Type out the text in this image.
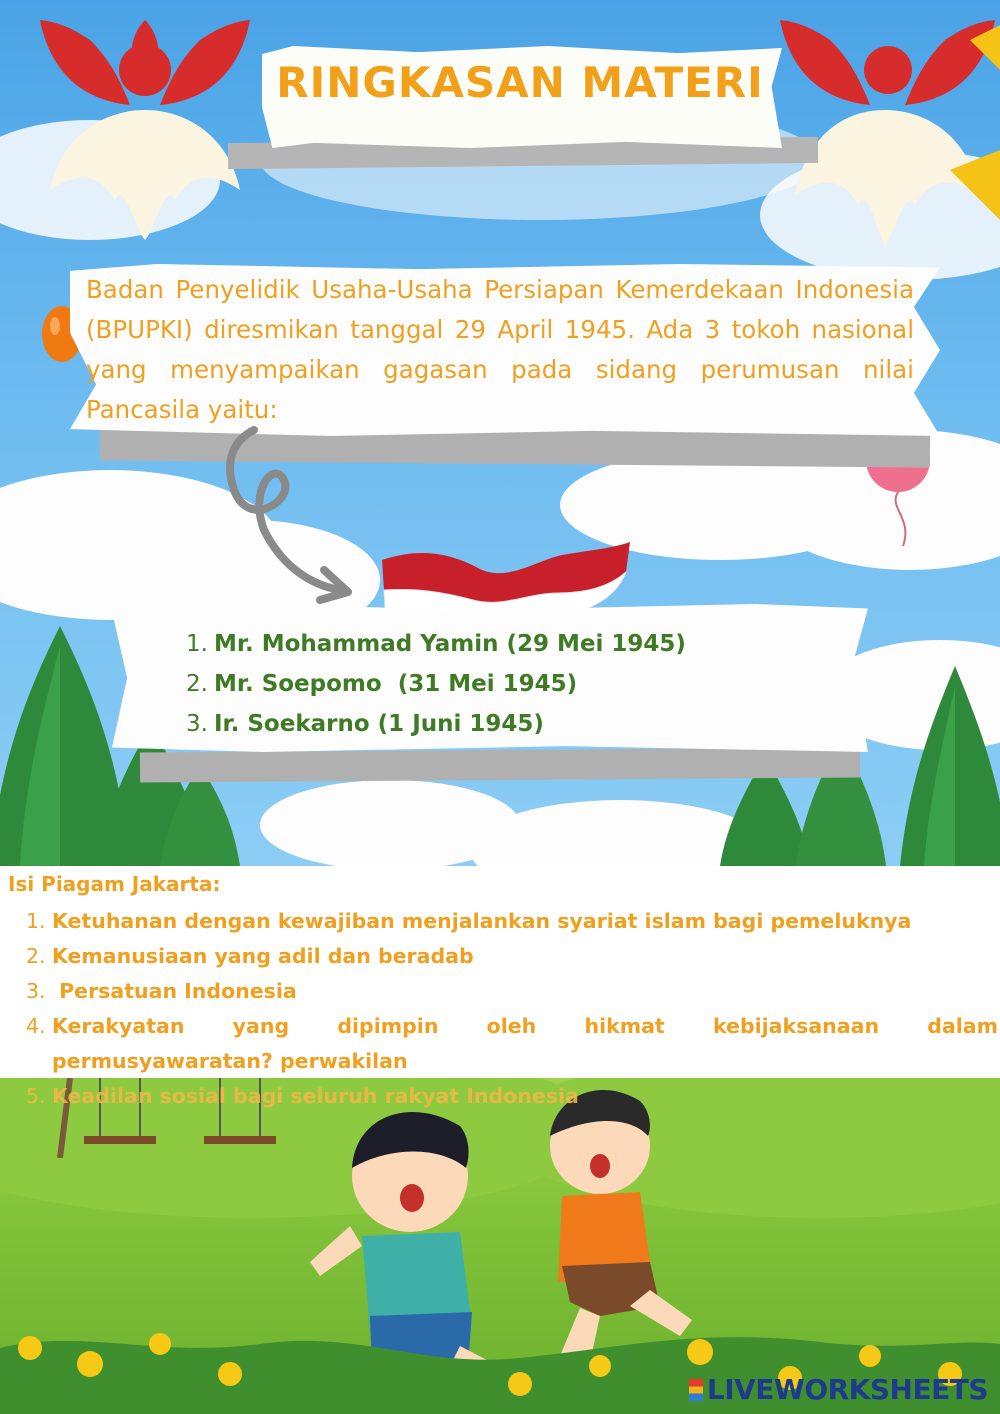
RINGKASAN MATERI

Badan Penyelidik Usaha-Usaha Persiapan Kemerdekaan Indonesia (BPUPKI) diresmikan tanggal 29 April 1945. Ada 3 tokoh nasional yang menyampaikan gagasan pada sidang perumusan nilai Pancasila yaitu:

1. Mr. Mohammad Yamin (29 Mei 1945)
2. Mr. Soepomo  (31 Mei 1945)
3. Ir. Soekarno (1 Juni 1945)

Isi Piagam Jakarta:

1. Ketuhanan dengan kewajiban menjalankan syariat islam bagi pemeluknya
2. Kemanusiaan yang adil dan beradab
3. Persatuan Indonesia
4. Kerakyatan yang dipimpin oleh hikmat kebijaksanaan dalam
permusyawaratan? perwakilan
5. Keadilan sosial bagi seluruh rakyat Indonesia
LIVEWORKSHEETS
